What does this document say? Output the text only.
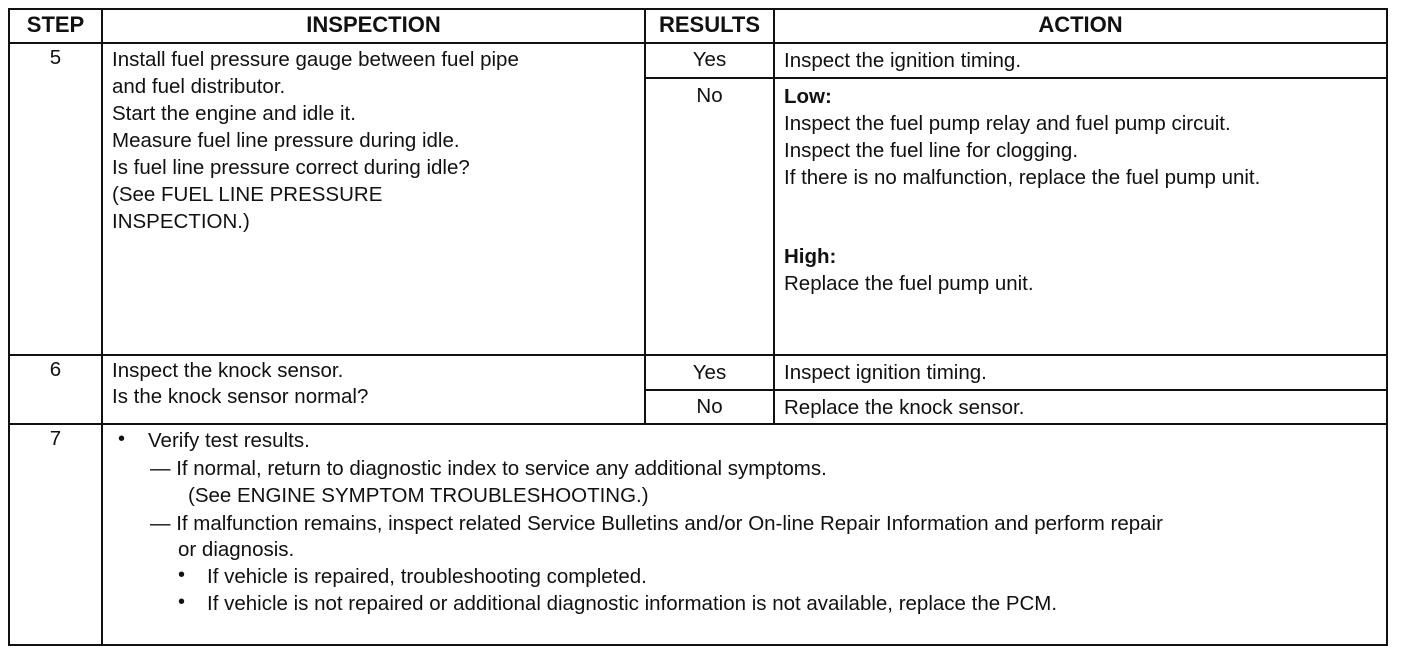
STEP	INSPECTION	RESULTS	ACTION
5	Install fuel pressure gauge between fuel pipe
and fuel distributor.
Start the engine and idle it.
Measure fuel line pressure during idle.
Is fuel line pressure correct during idle?
(See FUEL LINE PRESSURE
INSPECTION.)
Yes	Inspect the ignition timing.
No	Low:
Inspect the fuel pump relay and fuel pump circuit.
Inspect the fuel line for clogging.
If there is no malfunction, replace the fuel pump unit.
High:
Replace the fuel pump unit.
6	Inspect the knock sensor.
Is the knock sensor normal?
Yes	Inspect ignition timing.
No	Replace the knock sensor.
7	• Verify test results.
— If normal, return to diagnostic index to service any additional symptoms.
(See ENGINE SYMPTOM TROUBLESHOOTING.)
— If malfunction remains, inspect related Service Bulletins and/or On-line Repair Information and perform repair
or diagnosis.
• If vehicle is repaired, troubleshooting completed.
• If vehicle is not repaired or additional diagnostic information is not available, replace the PCM.
